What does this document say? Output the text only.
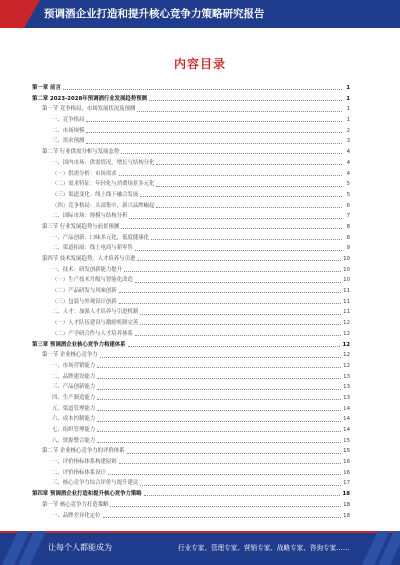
预调酒企业打造和提升核心竞争力策略研究报告
内容目录
第一章 前言	1
第二章 2023-2028年预调酒行业发展趋势预测	1
第一节 竞争格局，市场发展状况及预测	1
一、竞争格局	1
二、市场规模	2
三、需求预测	3
第二节 行业供需分析与发展态势	4
一、国内市场：供需情况，增长与结构分化	4
（一）供需分析：市场需求	4
（二）需求特征：年轻化与消费场景多元化	5
（三）渠道变化：线上线下融合发展	5
（四）竞争格局：头部集中，新兴品牌崛起	6
二、国际市场：规模与结构分析	7
第三节 行业发展趋势与前景预测	8
一、产品创新：口味多元化，低度健康化	8
二、渠道拓展：线上电商与新零售	9
第四节 技术发展趋势，人才培养与引进	10
一、技术：研发创新能力提升	10
（一）生产技术升级与智能化改造	10
（二）产品研发与风味创新	11
（三）包装与外观设计创新	11
二、人才：加强人才培养与引进机制	11
（一）人才队伍建设与激励机制完善	12
（二）产学研合作与人才培养体系	12
第三章 预调酒企业核心竞争力构建体系	12
第一节 企业核心竞争力	12
一、市场营销能力	12
二、品牌建设能力	13
三、产品创新能力	13
四、生产制造能力	13
五、渠道管理能力	14
六、成本控制能力	14
七、组织管理能力	14
八、资源整合能力	15
第二节 企业核心竞争力的评价体系	15
一、评价指标体系构建原则	16
二、评价指标体系设计	16
三、核心竞争力综合评价与提升建议	17
第四章 预调酒企业打造和提升核心竞争力策略	18
第一节 核心竞争力打造策略	18
一、品牌差异化定位	18
让每个人都能成为	行业专家、管理专家、营销专家、战略专家、咨询专家……
